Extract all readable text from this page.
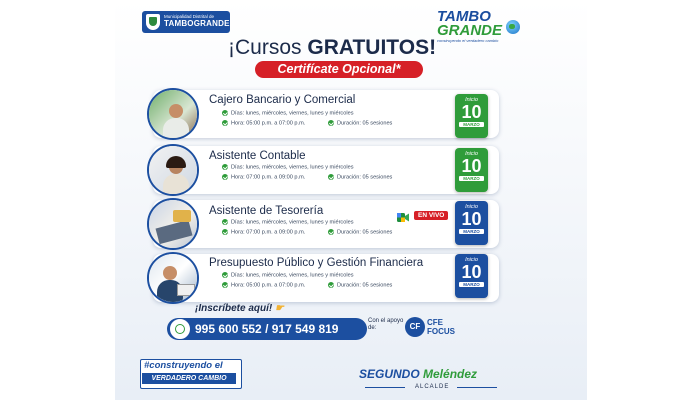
Municipalidad Distrital de
TAMBOGRANDE	TAMBO
GRANDE
construyendo el verdadero cambio
¡Cursos GRATUITOS!
Certifícate Opcional*
Cajero Bancario y Comercial
Días: lunes, miércoles, viernes, lunes y miércoles
Hora: 05:00 p.m. a 07:00 p.m.	Duración: 05 sesiones
Inicio
10
MARZO
Asistente Contable
Días: lunes, miércoles, viernes, lunes y miércoles
Hora: 07:00 p.m. a 09:00 p.m.	Duración: 05 sesiones
Inicio
10
MARZO
Asistente de Tesorería	EN VIVO
Días: lunes, miércoles, viernes, lunes y miércoles
Hora: 07:00 p.m. a 09:00 p.m.	Duración: 05 sesiones
Inicio
10
MARZO
Presupuesto Público y Gestión Financiera
Días: lunes, miércoles, viernes, lunes y miércoles
Hora: 05:00 p.m. a 07:00 p.m.	Duración: 05 sesiones
Inicio
10
MARZO
¡Inscríbete aquí! ☛
995 600 552 / 917 549 819
Con el apoyo de:	CF CFE
FOCUS
#construyendo el
VERDADERO CAMBIO	SEGUNDO Meléndez
ALCALDE
